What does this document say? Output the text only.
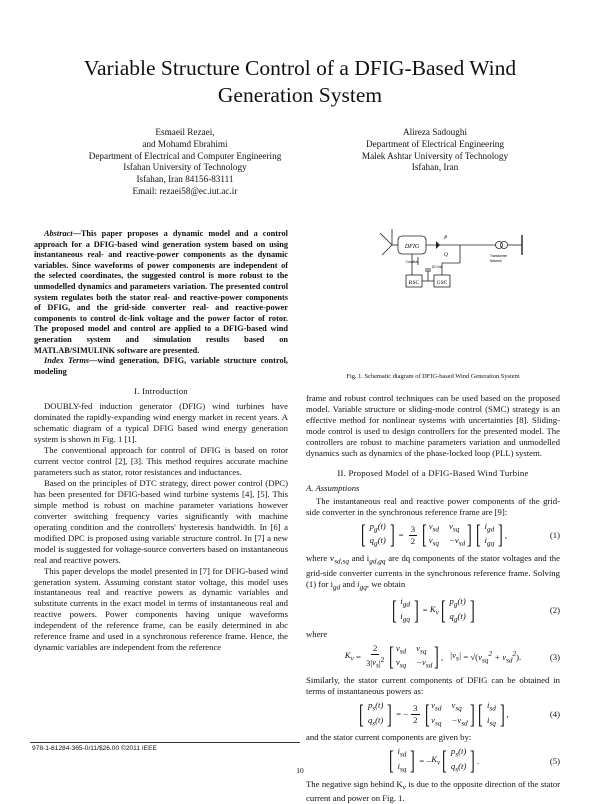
Variable Structure Control of a DFIG-Based Wind Generation System
Esmaeil Rezaei,
and Mohamd Ebrahimi
Department of Electrical and Computer Engineering
Isfahan University of Technology
Isfahan, Iran 84156-83111
Email: rezaei58@ec.iut.ac.ir
Alireza Sadoughi
Department of Electrical Engineering
Malek Ashtar University of Technology
Isfahan, Iran

Abstract—This paper proposes a dynamic model and a control approach for a DFIG-based wind generation system based on using instantaneous real- and reactive-power components as the dynamic variables. Since waveforms of power components are independent of the selected coordinates, the suggested control is more robust to the unmodelled dynamics and parameters variation. The presented control system regulates both the stator real- and reactive-power components of DFIG, and the grid-side converter real- and reactive-power components to control dc-link voltage and the power factor of rotor. The proposed model and control are applied to a DFIG-based wind generation system and simulation results based on MATLAB/SIMULINK software are presented.

Index Terms—wind generation, DFIG, variable structure control, modeling

I. Introduction

DOUBLY-fed induction generator (DFIG) wind turbines have dominated the rapidly-expanding wind energy market in recent years. A schematic diagram of a typical DFIG based wind energy generation system is shown in Fig. 1 [1].

The conventional approach for control of DFIG is based on rotor current vector control [2], [3]. This method requires accurate machine parameters such as stator, rotor resistances and inductances.

Based on the principles of DTC strategy, direct power control (DPC) has been presented for DFIG-based wind turbine systems [4], [5]. This simple method is robust on machine parameter variations however converter switching frequency varies significantly with machine operating condition and the controllers' hysteresis bandwidth. In [6] a modified DPC is proposed using variable structure control. In [7] a new model is suggested for voltage-source converters based on instantaneous real and reactive powers.

This paper develops the model presented in [7] for DFIG-based wind generation system. Assuming constant stator voltage, this model uses instantaneous real and reactive powers as dynamic variables and substitute currents in the exact model in terms of instantaneous real and reactive powers. Power components having unique waveforms independent of the reference frame, can be easily determined in abc reference frame and used in a synchronous reference frame. Hence, the dynamic variables are independent from the reference

DFIG
RSC	GSC
P
Q
CrowBar
DC link
Transformer
Network
Fig. 1. Schematic diagram of DFIG-based Wind Generation System

frame and robust control techniques can be used based on the proposed model. Variable structure or sliding-mode control (SMC) strategy is an effective method for nonlinear systems with uncertainties [8]. Sliding-mode control is used to design controllers for the presented model. The controllers are robust to machine parameters variation and unmodelled dynamics such as dynamics of the phase-locked loop (PLL) system.

II. Proposed Model of a DFIG-Based Wind Turbine
A. Assumptions

The instantaneous real and reactive power components of the grid-side converter in the synchronous reference frame are [9]:

[ $p_g(t)$
$q_g(t)$ ] = $\frac{3}{2}$ [ $v_{sd}$ $v_{sq}$
$v_{sq} -v_{sd}$ ] [ $i_{gd}$
$i_{gq}$ ] ,	(1)

where $v_{sd,sq}$ and $i_{gd,gq}$ are dq components of the stator voltages and the grid-side converter currents in the synchronous reference frame. Solving (1) for $i_{gd}$ and $i_{gq}$, we obtain

[ $i_{gd}$
$i_{gq}$ ] = $K_v$ [ $p_g(t)$
$q_g(t)$ ]	(2)

where

$K_v = \frac{2}{3|v_s|^2}$ [ $v_{sd}$ $v_{sq}$
$v_{sq} -v_{sd}$ ] , $|v_s|$ = √( $v_{sq}^2 + v_{sd}^2$ ).	(3)

Similarly, the stator current components of DFIG can be obtained in terms of instantaneous powers as:

[ $p_s(t)$
$q_s(t)$ ] = − $\frac{3}{2}$ [ $v_{sd}$ $v_{sq}$
$v_{sq} -v_{sd}$ ] [ $i_{sd}$
$i_{sq}$ ] ,	(4)

and the stator current components are given by:

[ $i_{sd}$
$i_{sq}$ ] = − $K_v$ [ $p_s(t)$
$q_s(t)$ ] .	(5)

The negative sign behind $K_v$ is due to the opposite direction of the stator current and power on Fig. 1.

978-1-61284-365-0/11/$26.00 ©2011 IEEE
10
